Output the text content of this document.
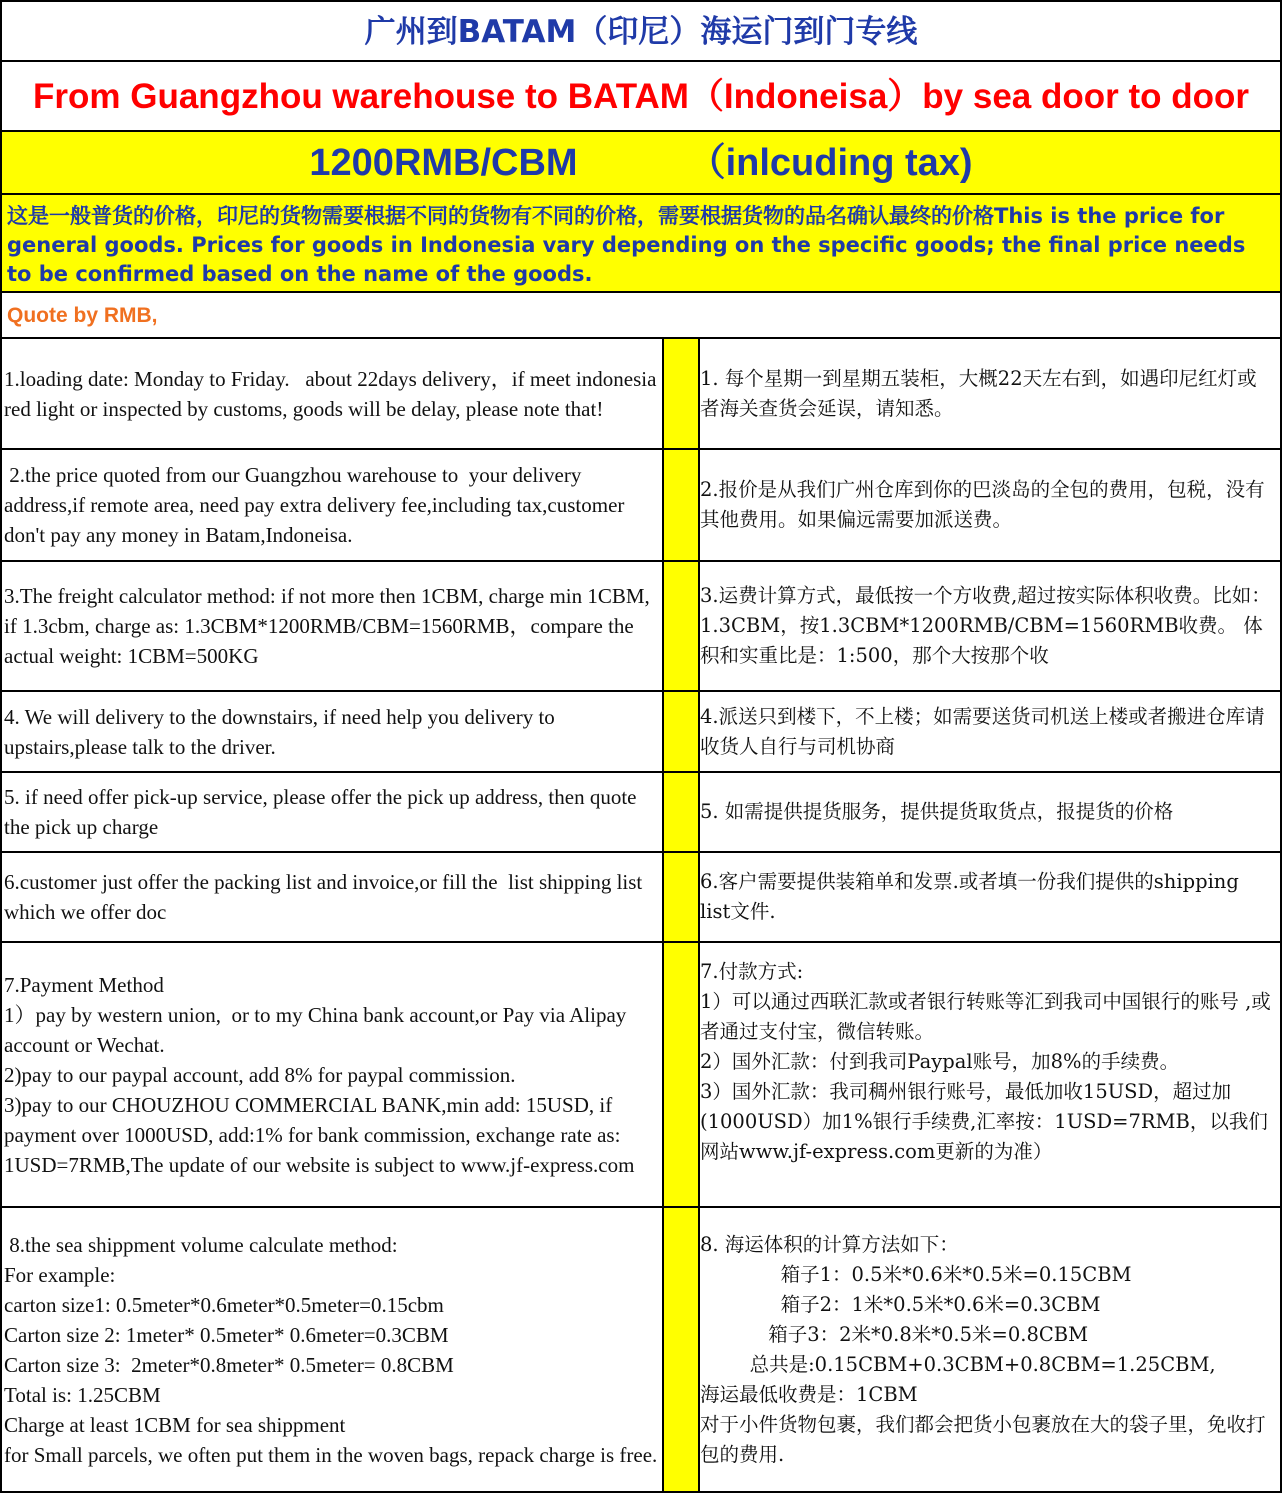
广州到BATAM（印尼）海运门到门专线
From Guangzhou warehouse to BATAM（Indoneisa）by sea door to door
1200RMB/CBM	（inlcuding tax)
这是一般普货的价格，印尼的货物需要根据不同的货物有不同的价格，需要根据货物的品名确认最终的价格This is the price for general goods. Prices for goods in Indonesia vary depending on the specific goods; the final price needs to be confirmed based on the name of the goods.
Quote by RMB,
1.loading date: Monday to Friday.   about 22days delivery，if meet indonesia red light or inspected by customs, goods will be delay, please note that!
1. 每个星期一到星期五装柜，大概22天左右到，如遇印尼红灯或者海关查货会延误，请知悉。
2.the price quoted from our Guangzhou warehouse to  your delivery address,if remote area, need pay extra delivery fee,including tax,customer don't pay any money in Batam,Indoneisa.
2.报价是从我们广州仓库到你的巴淡岛的全包的费用，包税，没有其他费用。如果偏远需要加派送费。
3.The freight calculator method: if not more then 1CBM, charge min 1CBM, if 1.3cbm, charge as: 1.3CBM*1200RMB/CBM=1560RMB，compare the actual weight: 1CBM=500KG
3.运费计算方式，最低按一个方收费,超过按实际体积收费。比如：1.3CBM，按1.3CBM*1200RMB/CBM=1560RMB收费。 体积和实重比是：1:500，那个大按那个收
4. We will delivery to the downstairs, if need help you delivery to upstairs,please talk to the driver.
4.派送只到楼下，不上楼；如需要送货司机送上楼或者搬进仓库请收货人自行与司机协商
5. if need offer pick-up service, please offer the pick up address, then quote the pick up charge
5. 如需提供提货服务，提供提货取货点，报提货的价格
6.customer just offer the packing list and invoice,or fill the  list shipping list which we offer doc
6.客户需要提供装箱单和发票.或者填一份我们提供的shipping list文件.
7.Payment Method
1）pay by western union,  or to my China bank account,or Pay via Alipay account or Wechat.
2)pay to our paypal account, add 8% for paypal commission.
3)pay to our CHOUZHOU COMMERCIAL BANK,min add: 15USD, if payment over 1000USD, add:1% for bank commission, exchange rate as: 1USD=7RMB,The update of our website is subject to www.jf-express.com
7.付款方式:
1）可以通过西联汇款或者银行转账等汇到我司中国银行的账号 ,或者通过支付宝，微信转账。
2）国外汇款：付到我司Paypal账号，加8%的手续费。
3）国外汇款：我司稠州银行账号，最低加收15USD，超过加(1000USD）加1%银行手续费,汇率按：1USD=7RMB，以我们网站www.jf-express.com更新的为准）
8.the sea shippment volume calculate method:
For example:
carton size1: 0.5meter*0.6meter*0.5meter=0.15cbm
Carton size 2: 1meter* 0.5meter* 0.6meter=0.3CBM
Carton size 3:  2meter*0.8meter* 0.5meter= 0.8CBM
Total is: 1.25CBM
Charge at least 1CBM for sea shippment
for Small parcels, we often put them in the woven bags, repack charge is free.
8. 海运体积的计算方法如下：
箱子1：0.5米*0.6米*0.5米=0.15CBM
箱子2：1米*0.5米*0.6米=0.3CBM
箱子3：2米*0.8米*0.5米=0.8CBM
总共是:0.15CBM+0.3CBM+0.8CBM=1.25CBM,
海运最低收费是：1CBM
对于小件货物包裹，我们都会把货小包裹放在大的袋子里，免收打包的费用.
